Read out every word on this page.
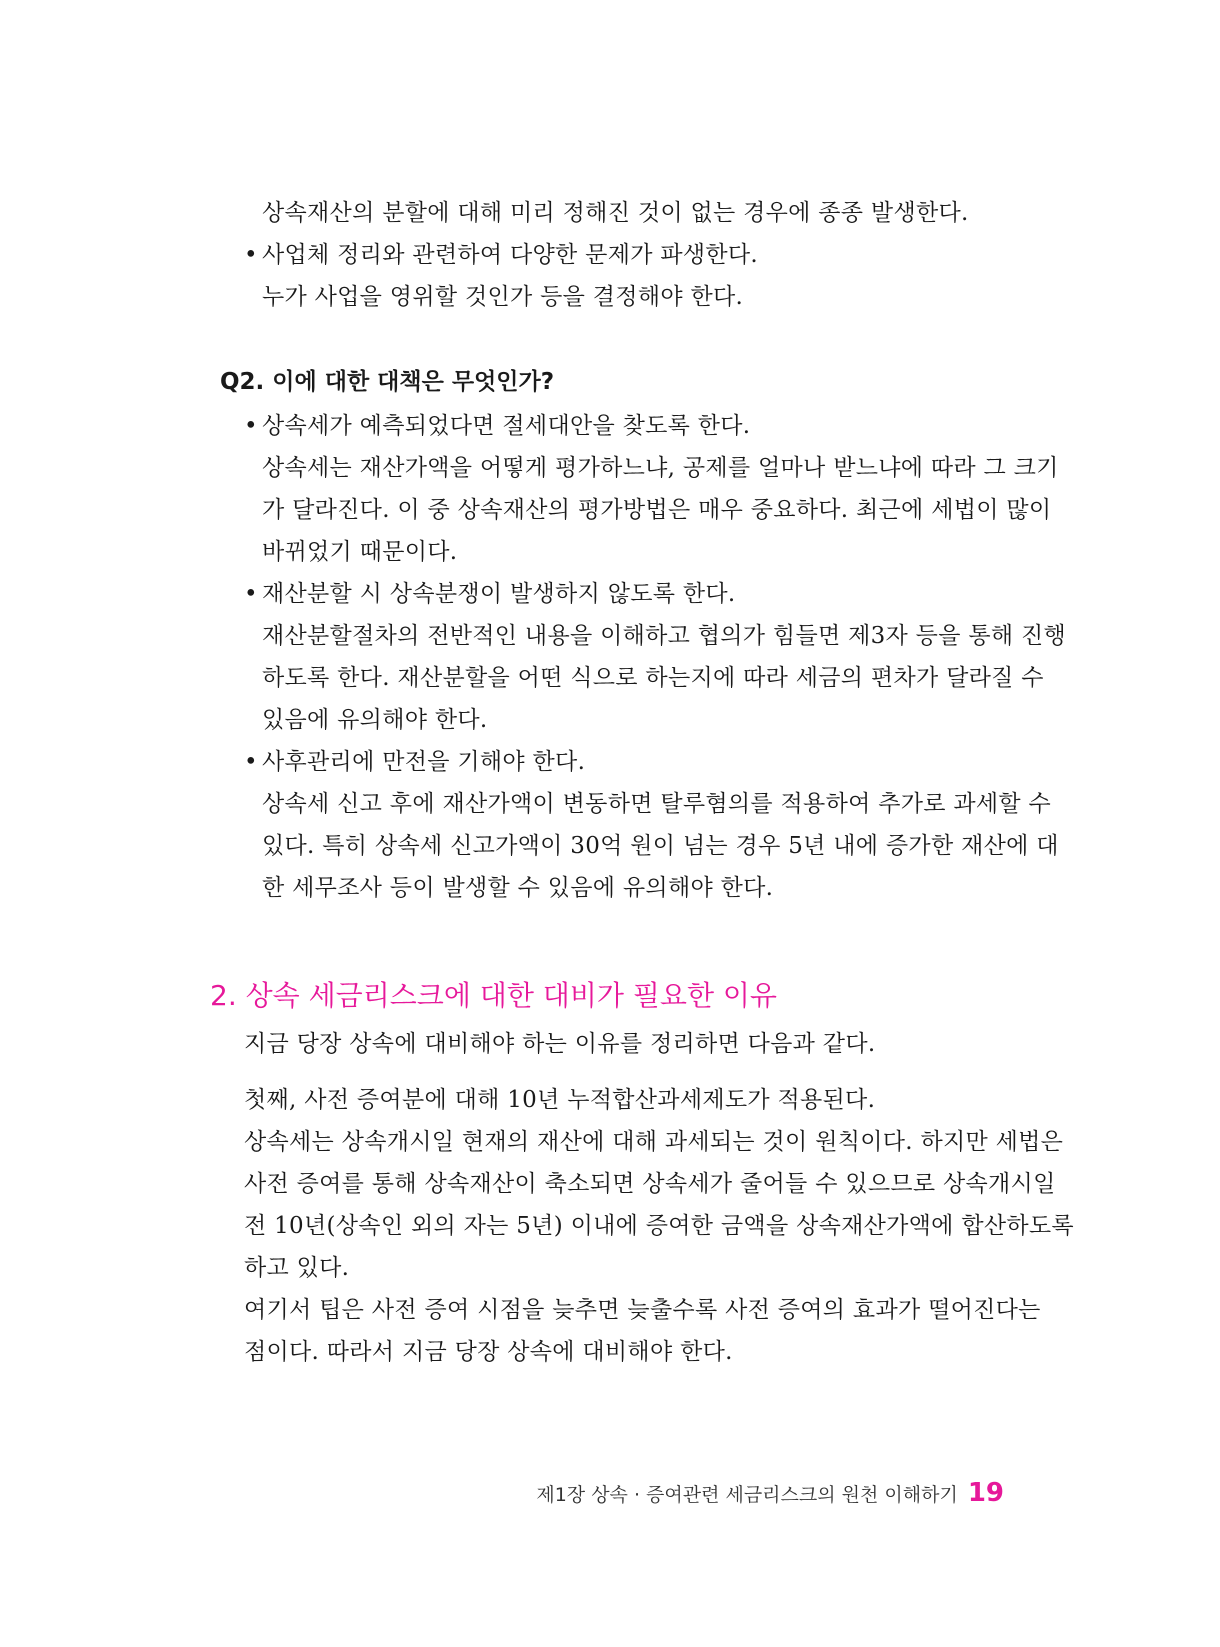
상속재산의 분할에 대해 미리 정해진 것이 없는 경우에 종종 발생한다.
• 사업체 정리와 관련하여 다양한 문제가 파생한다.
누가 사업을 영위할 것인가 등을 결정해야 한다.
Q2. 이에 대한 대책은 무엇인가?
• 상속세가 예측되었다면 절세대안을 찾도록 한다.
상속세는 재산가액을 어떻게 평가하느냐, 공제를 얼마나 받느냐에 따라 그 크기
가 달라진다. 이 중 상속재산의 평가방법은 매우 중요하다. 최근에 세법이 많이
바뀌었기 때문이다.
• 재산분할 시 상속분쟁이 발생하지 않도록 한다.
재산분할절차의 전반적인 내용을 이해하고 협의가 힘들면 제3자 등을 통해 진행
하도록 한다. 재산분할을 어떤 식으로 하는지에 따라 세금의 편차가 달라질 수
있음에 유의해야 한다.
• 사후관리에 만전을 기해야 한다.
상속세 신고 후에 재산가액이 변동하면 탈루혐의를 적용하여 추가로 과세할 수
있다. 특히 상속세 신고가액이 30억 원이 넘는 경우 5년 내에 증가한 재산에 대
한 세무조사 등이 발생할 수 있음에 유의해야 한다.
2. 상속 세금리스크에 대한 대비가 필요한 이유
지금 당장 상속에 대비해야 하는 이유를 정리하면 다음과 같다.
첫째, 사전 증여분에 대해 10년 누적합산과세제도가 적용된다.
상속세는 상속개시일 현재의 재산에 대해 과세되는 것이 원칙이다. 하지만 세법은
사전 증여를 통해 상속재산이 축소되면 상속세가 줄어들 수 있으므로 상속개시일
전 10년(상속인 외의 자는 5년) 이내에 증여한 금액을 상속재산가액에 합산하도록
하고 있다.
여기서 팁은 사전 증여 시점을 늦추면 늦출수록 사전 증여의 효과가 떨어진다는
점이다. 따라서 지금 당장 상속에 대비해야 한다.
제1장 상속 · 증여관련 세금리스크의 원천 이해하기 19
